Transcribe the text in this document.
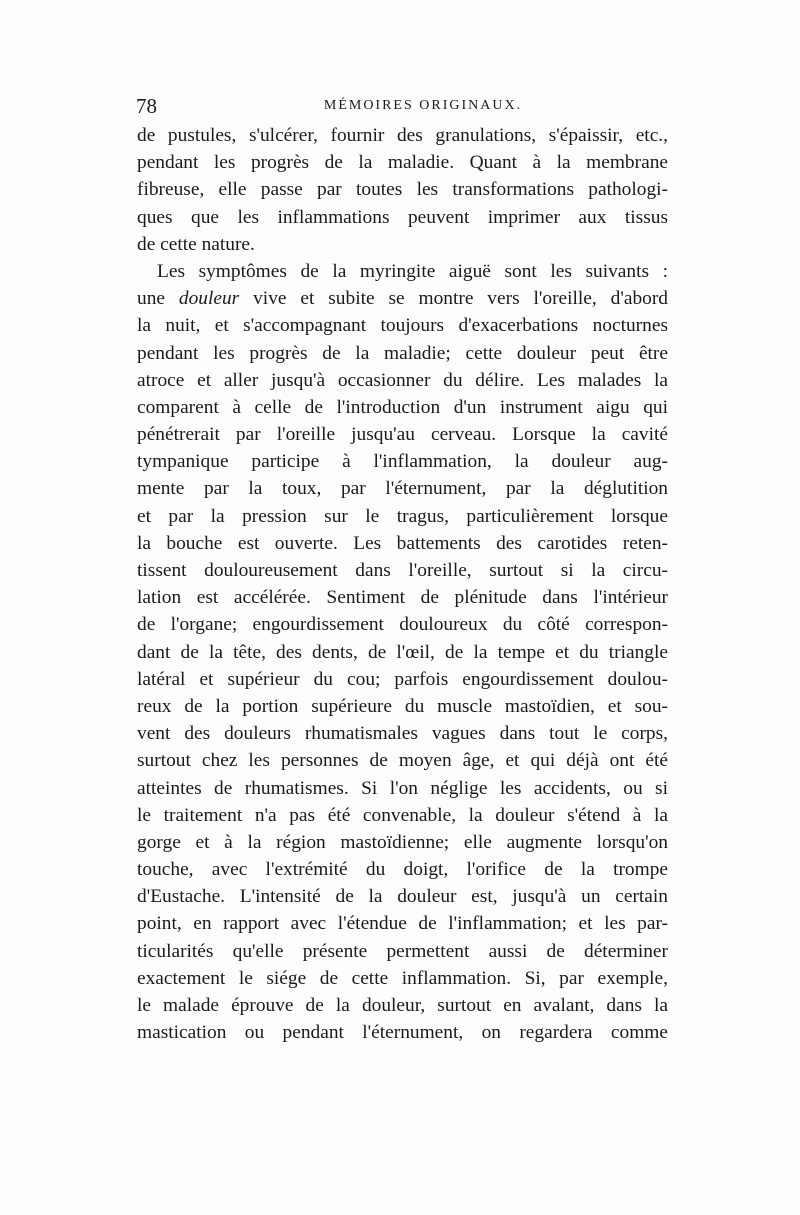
78	MÉMOIRES ORIGINAUX.
de pustules, s'ulcérer, fournir des granulations, s'épaissir, etc.,
pendant les progrès de la maladie. Quant à la membrane
fibreuse, elle passe par toutes les transformations pathologi-
ques que les inflammations peuvent imprimer aux tissus
de cette nature.
Les symptômes de la myringite aiguë sont les suivants :
une douleur vive et subite se montre vers l'oreille, d'abord
la nuit, et s'accompagnant toujours d'exacerbations nocturnes
pendant les progrès de la maladie; cette douleur peut être
atroce et aller jusqu'à occasionner du délire. Les malades la
comparent à celle de l'introduction d'un instrument aigu qui
pénétrerait par l'oreille jusqu'au cerveau. Lorsque la cavité
tympanique participe à l'inflammation, la douleur aug-
mente par la toux, par l'éternument, par la déglutition
et par la pression sur le tragus, particulièrement lorsque
la bouche est ouverte. Les battements des carotides reten-
tissent douloureusement dans l'oreille, surtout si la circu-
lation est accélérée. Sentiment de plénitude dans l'intérieur
de l'organe; engourdissement douloureux du côté correspon-
dant de la tête, des dents, de l'œil, de la tempe et du triangle
latéral et supérieur du cou; parfois engourdissement doulou-
reux de la portion supérieure du muscle mastoïdien, et sou-
vent des douleurs rhumatismales vagues dans tout le corps,
surtout chez les personnes de moyen âge, et qui déjà ont été
atteintes de rhumatismes. Si l'on néglige les accidents, ou si
le traitement n'a pas été convenable, la douleur s'étend à la
gorge et à la région mastoïdienne; elle augmente lorsqu'on
touche, avec l'extrémité du doigt, l'orifice de la trompe
d'Eustache. L'intensité de la douleur est, jusqu'à un certain
point, en rapport avec l'étendue de l'inflammation; et les par-
ticularités qu'elle présente permettent aussi de déterminer
exactement le siége de cette inflammation. Si, par exemple,
le malade éprouve de la douleur, surtout en avalant, dans la
mastication ou pendant l'éternument, on regardera comme
